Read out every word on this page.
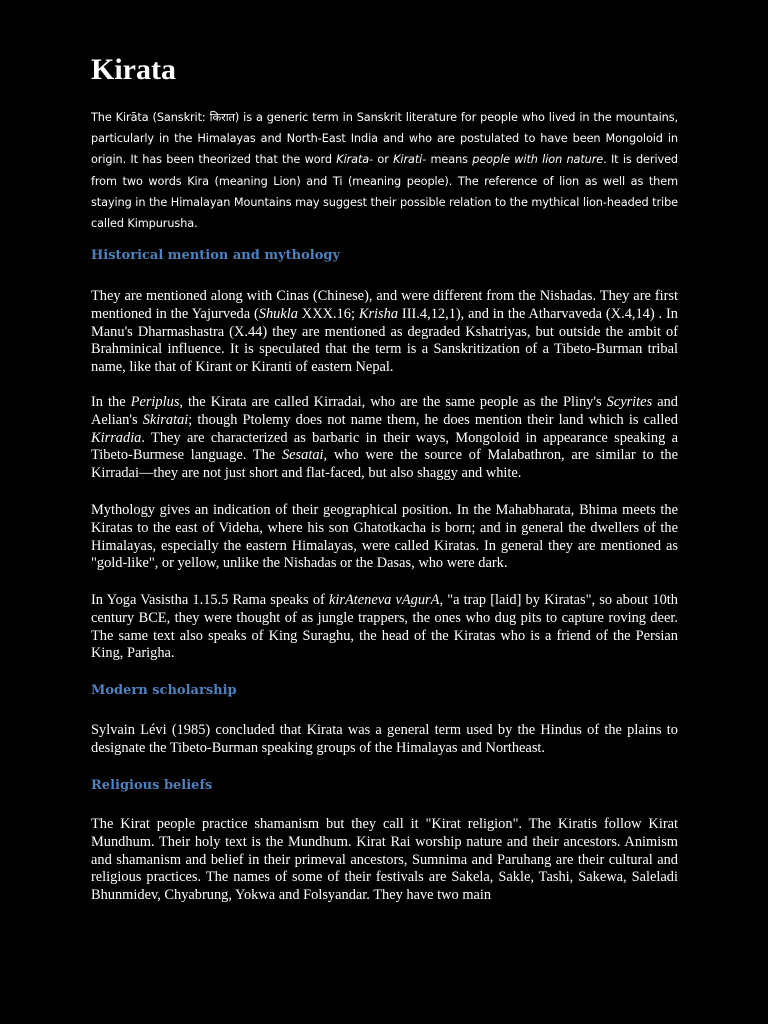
Kirata

The Kirāta (Sanskrit: किरात) is a generic term in Sanskrit literature for people who lived in the mountains, particularly in the Himalayas and North-East India and who are postulated to have been Mongoloid in origin. It has been theorized that the word Kirata- or Kirati- means people with lion nature. It is derived from two words Kira (meaning Lion) and Ti (meaning people). The reference of lion as well as them staying in the Himalayan Mountains may suggest their possible relation to the mythical lion-headed tribe called Kimpurusha.

Historical mention and mythology

They are mentioned along with Cinas (Chinese), and were different from the Nishadas. They are first mentioned in the Yajurveda (Shukla XXX.16; Krisha III.4,12,1), and in the Atharvaveda (X.4,14) . In Manu's Dharmashastra (X.44) they are mentioned as degraded Kshatriyas, but outside the ambit of Brahminical influence. It is speculated that the term is a Sanskritization of a Tibeto-Burman tribal name, like that of Kirant or Kiranti of eastern Nepal.

In the Periplus, the Kirata are called Kirradai, who are the same people as the Pliny's Scyrites and Aelian's Skiratai; though Ptolemy does not name them, he does mention their land which is called Kirradia. They are characterized as barbaric in their ways, Mongoloid in appearance speaking a Tibeto-Burmese language. The Sesatai, who were the source of Malabathron, are similar to the Kirradai—they are not just short and flat-faced, but also shaggy and white.

Mythology gives an indication of their geographical position. In the Mahabharata, Bhima meets the Kiratas to the east of Videha, where his son Ghatotkacha is born; and in general the dwellers of the Himalayas, especially the eastern Himalayas, were called Kiratas. In general they are mentioned as "gold-like", or yellow, unlike the Nishadas or the Dasas, who were dark.

In Yoga Vasistha 1.15.5 Rama speaks of kirAteneva vAgurA, "a trap [laid] by Kiratas", so about 10th century BCE, they were thought of as jungle trappers, the ones who dug pits to capture roving deer. The same text also speaks of King Suraghu, the head of the Kiratas who is a friend of the Persian King, Parigha.

Modern scholarship

Sylvain Lévi (1985) concluded that Kirata was a general term used by the Hindus of the plains to designate the Tibeto-Burman speaking groups of the Himalayas and Northeast.

Religious beliefs

The Kirat people practice shamanism but they call it "Kirat religion". The Kiratis follow Kirat Mundhum. Their holy text is the Mundhum. Kirat Rai worship nature and their ancestors. Animism and shamanism and belief in their primeval ancestors, Sumnima and Paruhang are their cultural and religious practices. The names of some of their festivals are Sakela, Sakle, Tashi, Sakewa, Saleladi Bhunmidev, Chyabrung, Yokwa and Folsyandar. They have two main
